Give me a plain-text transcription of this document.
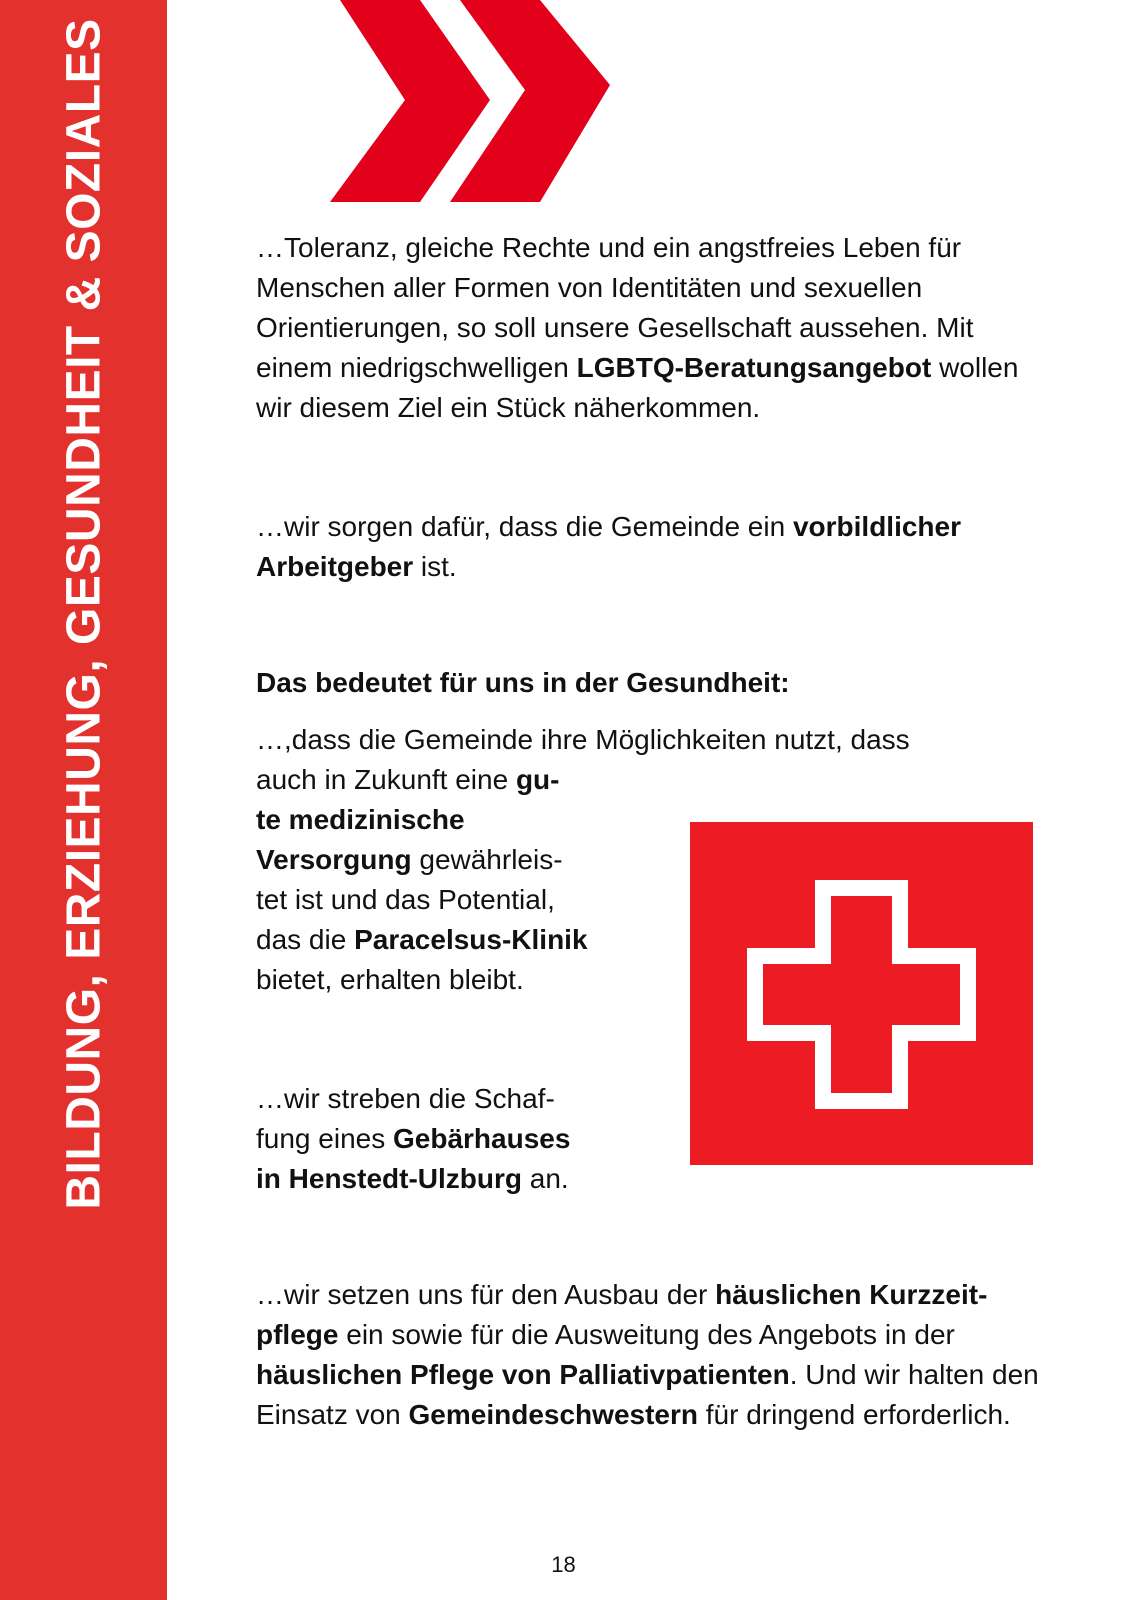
BILDUNG, ERZIEHUNG, GESUNDHEIT & SOZIALES	…Toleranz, gleiche Rechte und ein angstfreies Leben für Menschen aller Formen von Identitäten und sexuellen Orientierungen, so soll unsere Gesellschaft aussehen. Mit einem niedrigschwelligen LGBTQ-Beratungsangebot wollen wir diesem Ziel ein Stück näherkommen.

…wir sorgen dafür, dass die Gemeinde ein vorbildlicher Arbeitgeber ist.

Das bedeutet für uns in der Gesundheit:

…,dass die Gemeinde ihre Möglichkeiten nutzt, dass
auch in Zukunft eine gu-
te medizinische
Versorgung gewährleis-
tet ist und das Potential,
das die Paracelsus-Klinik
bietet, erhalten bleibt.
…wir streben die Schaf-
fung eines Gebärhauses
in Henstedt-Ulzburg an.

…wir setzen uns für den Ausbau der häuslichen Kurzzeit-pflege ein sowie für die Ausweitung des Angebots in der häuslichen Pflege von Palliativpatienten. Und wir halten den Einsatz von Gemeindeschwestern für dringend erforderlich.

18
